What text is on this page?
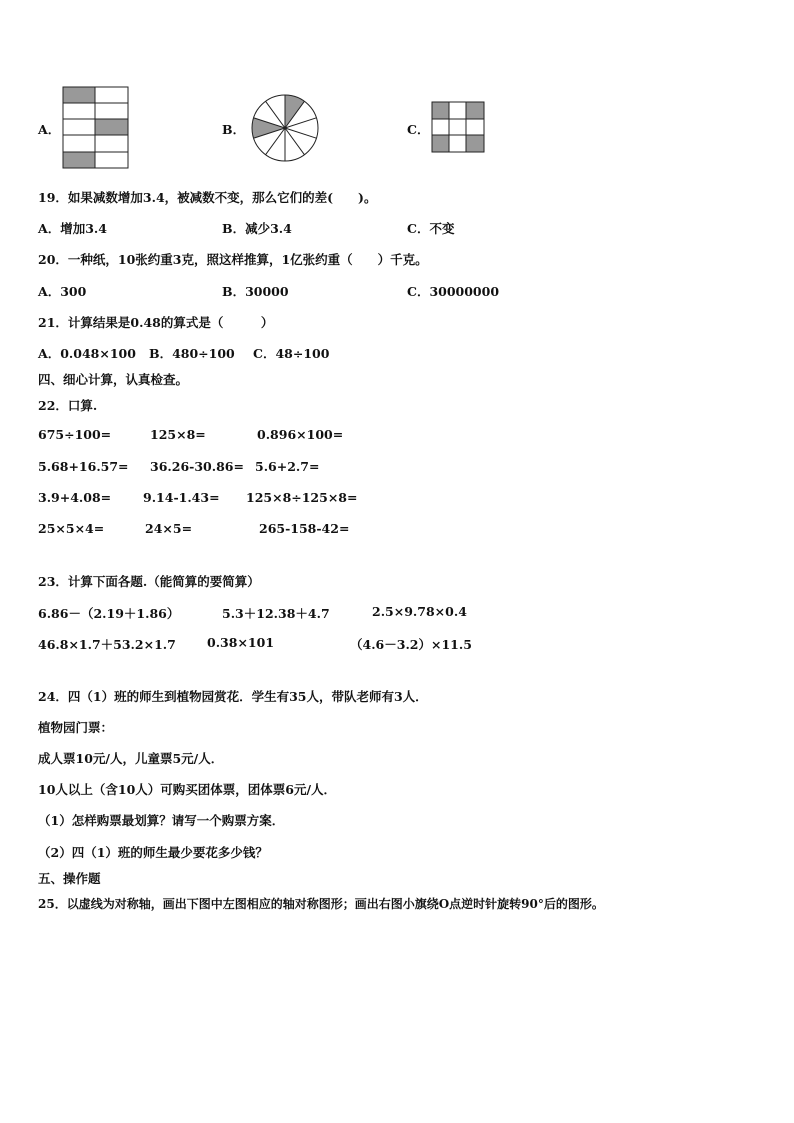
A．	B．	C．
19．如果减数增加3.4，被减数不变，那么它们的差(　　)。
A．增加3.4	B．减少3.4	C．不变
20．一种纸，10张约重3克，照这样推算，1亿张约重（　　）千克。
A．300	B．30000	C．30000000
21．计算结果是0.48的算式是（　　　）
A．0.048×100 B．480÷100 C．48÷100
四、细心计算，认真检查。
22．口算.
675÷100=	125×8=	0.896×100=
5.68+16.57= 36.26-30.86= 5.6+2.7=
3.9+4.08=	9.14-1.43= 125×8÷125×8=
25×5×4=	24×5=	265-158-42=
23．计算下面各题.（能简算的要简算）
6.86－（2.19＋1.86）	5.3＋12.38＋4.7	2.5×9.78×0.4
46.8×1.7＋53.2×1.7 0.38×101	（4.6－3.2）×11.5
24．四（1）班的师生到植物园赏花．学生有35人，带队老师有3人．
植物园门票：
成人票10元/人，儿童票5元/人．
10人以上（含10人）可购买团体票，团体票6元/人．
（1）怎样购票最划算？请写一个购票方案．
（2）四（1）班的师生最少要花多少钱？
五、操作题
25．以虚线为对称轴，画出下图中左图相应的轴对称图形；画出右图小旗绕O点逆时针旋转90°后的图形。
